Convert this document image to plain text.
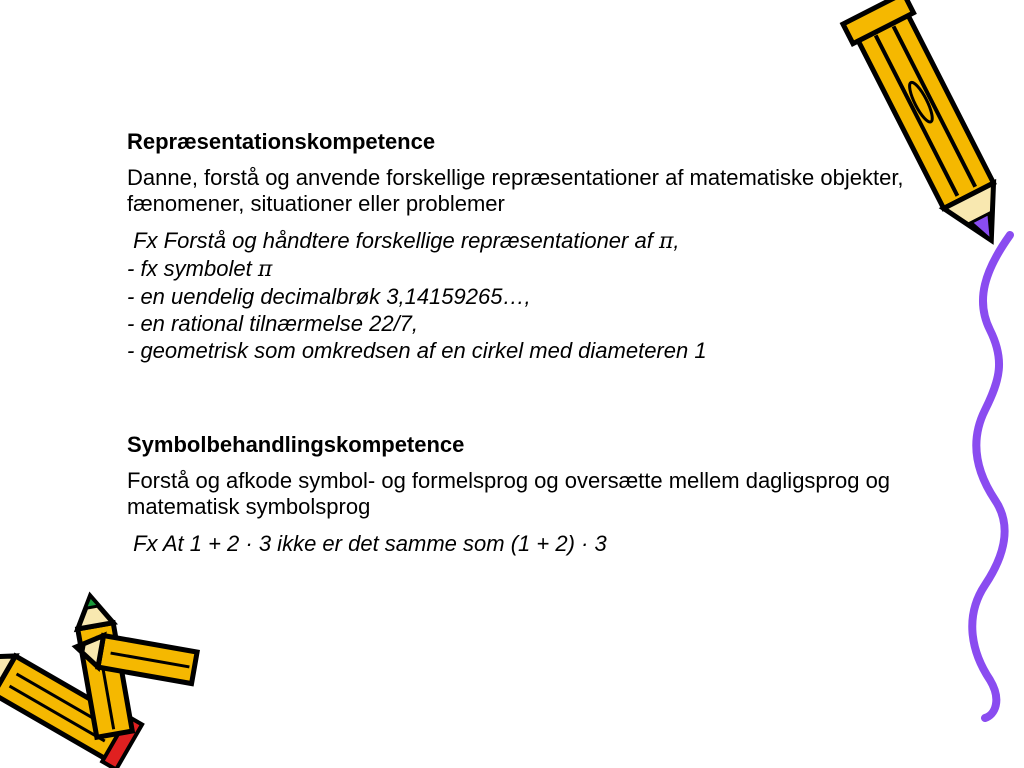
Repræsentationskompetence

Danne, forstå og anvende forskellige repræsentationer af matematiske objekter, fænomener, situationer eller problemer

Fx Forstå og håndtere forskellige repræsentationer af π,
- fx symbolet π
- en uendelig decimalbrøk 3,14159265…,
- en rational tilnærmelse 22/7,
- geometrisk som omkredsen af en cirkel med diameteren 1

Symbolbehandlingskompetence

Forstå og afkode symbol- og formelsprog og oversætte mellem dagligsprog og matematisk symbolsprog

Fx At 1 + 2 · 3 ikke er det samme som (1 + 2) · 3
